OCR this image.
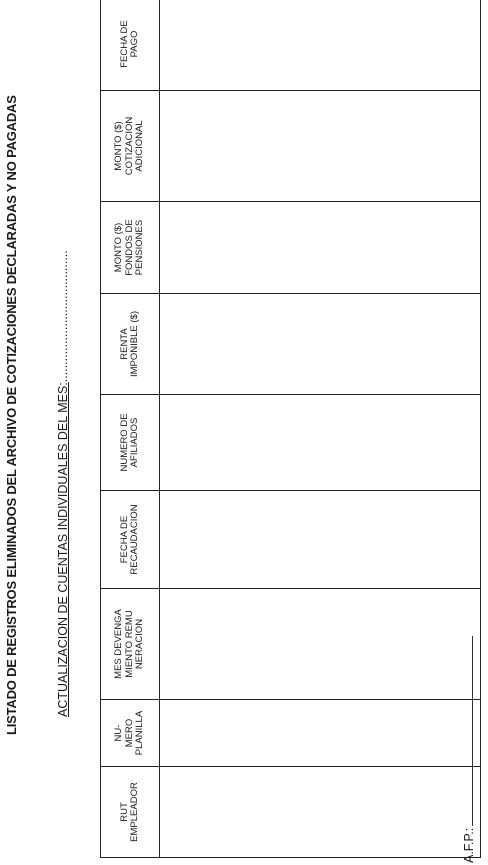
LISTADO DE REGISTROS ELIMINADOS DEL ARCHIVO DE COTIZACIONES DECLARADAS Y NO PAGADAS	ACTUALIZACION DE CUENTAS INDIVIDUALES DEL MES:......................................
RUT
EMPLEADOR	NU-
MERO
PLANILLA	MES DEVENGA
MIENTO REMU
NERACION	FECHA DE
RECAUDACION	NUMERO DE
AFILIADOS	RENTA
IMPONIBLE ($)	MONTO ($)
FONDOS DE
PENSIONES	MONTO ($)
COTIZACION
ADICIONAL	FECHA DE
PAGO

A.F.P.:
